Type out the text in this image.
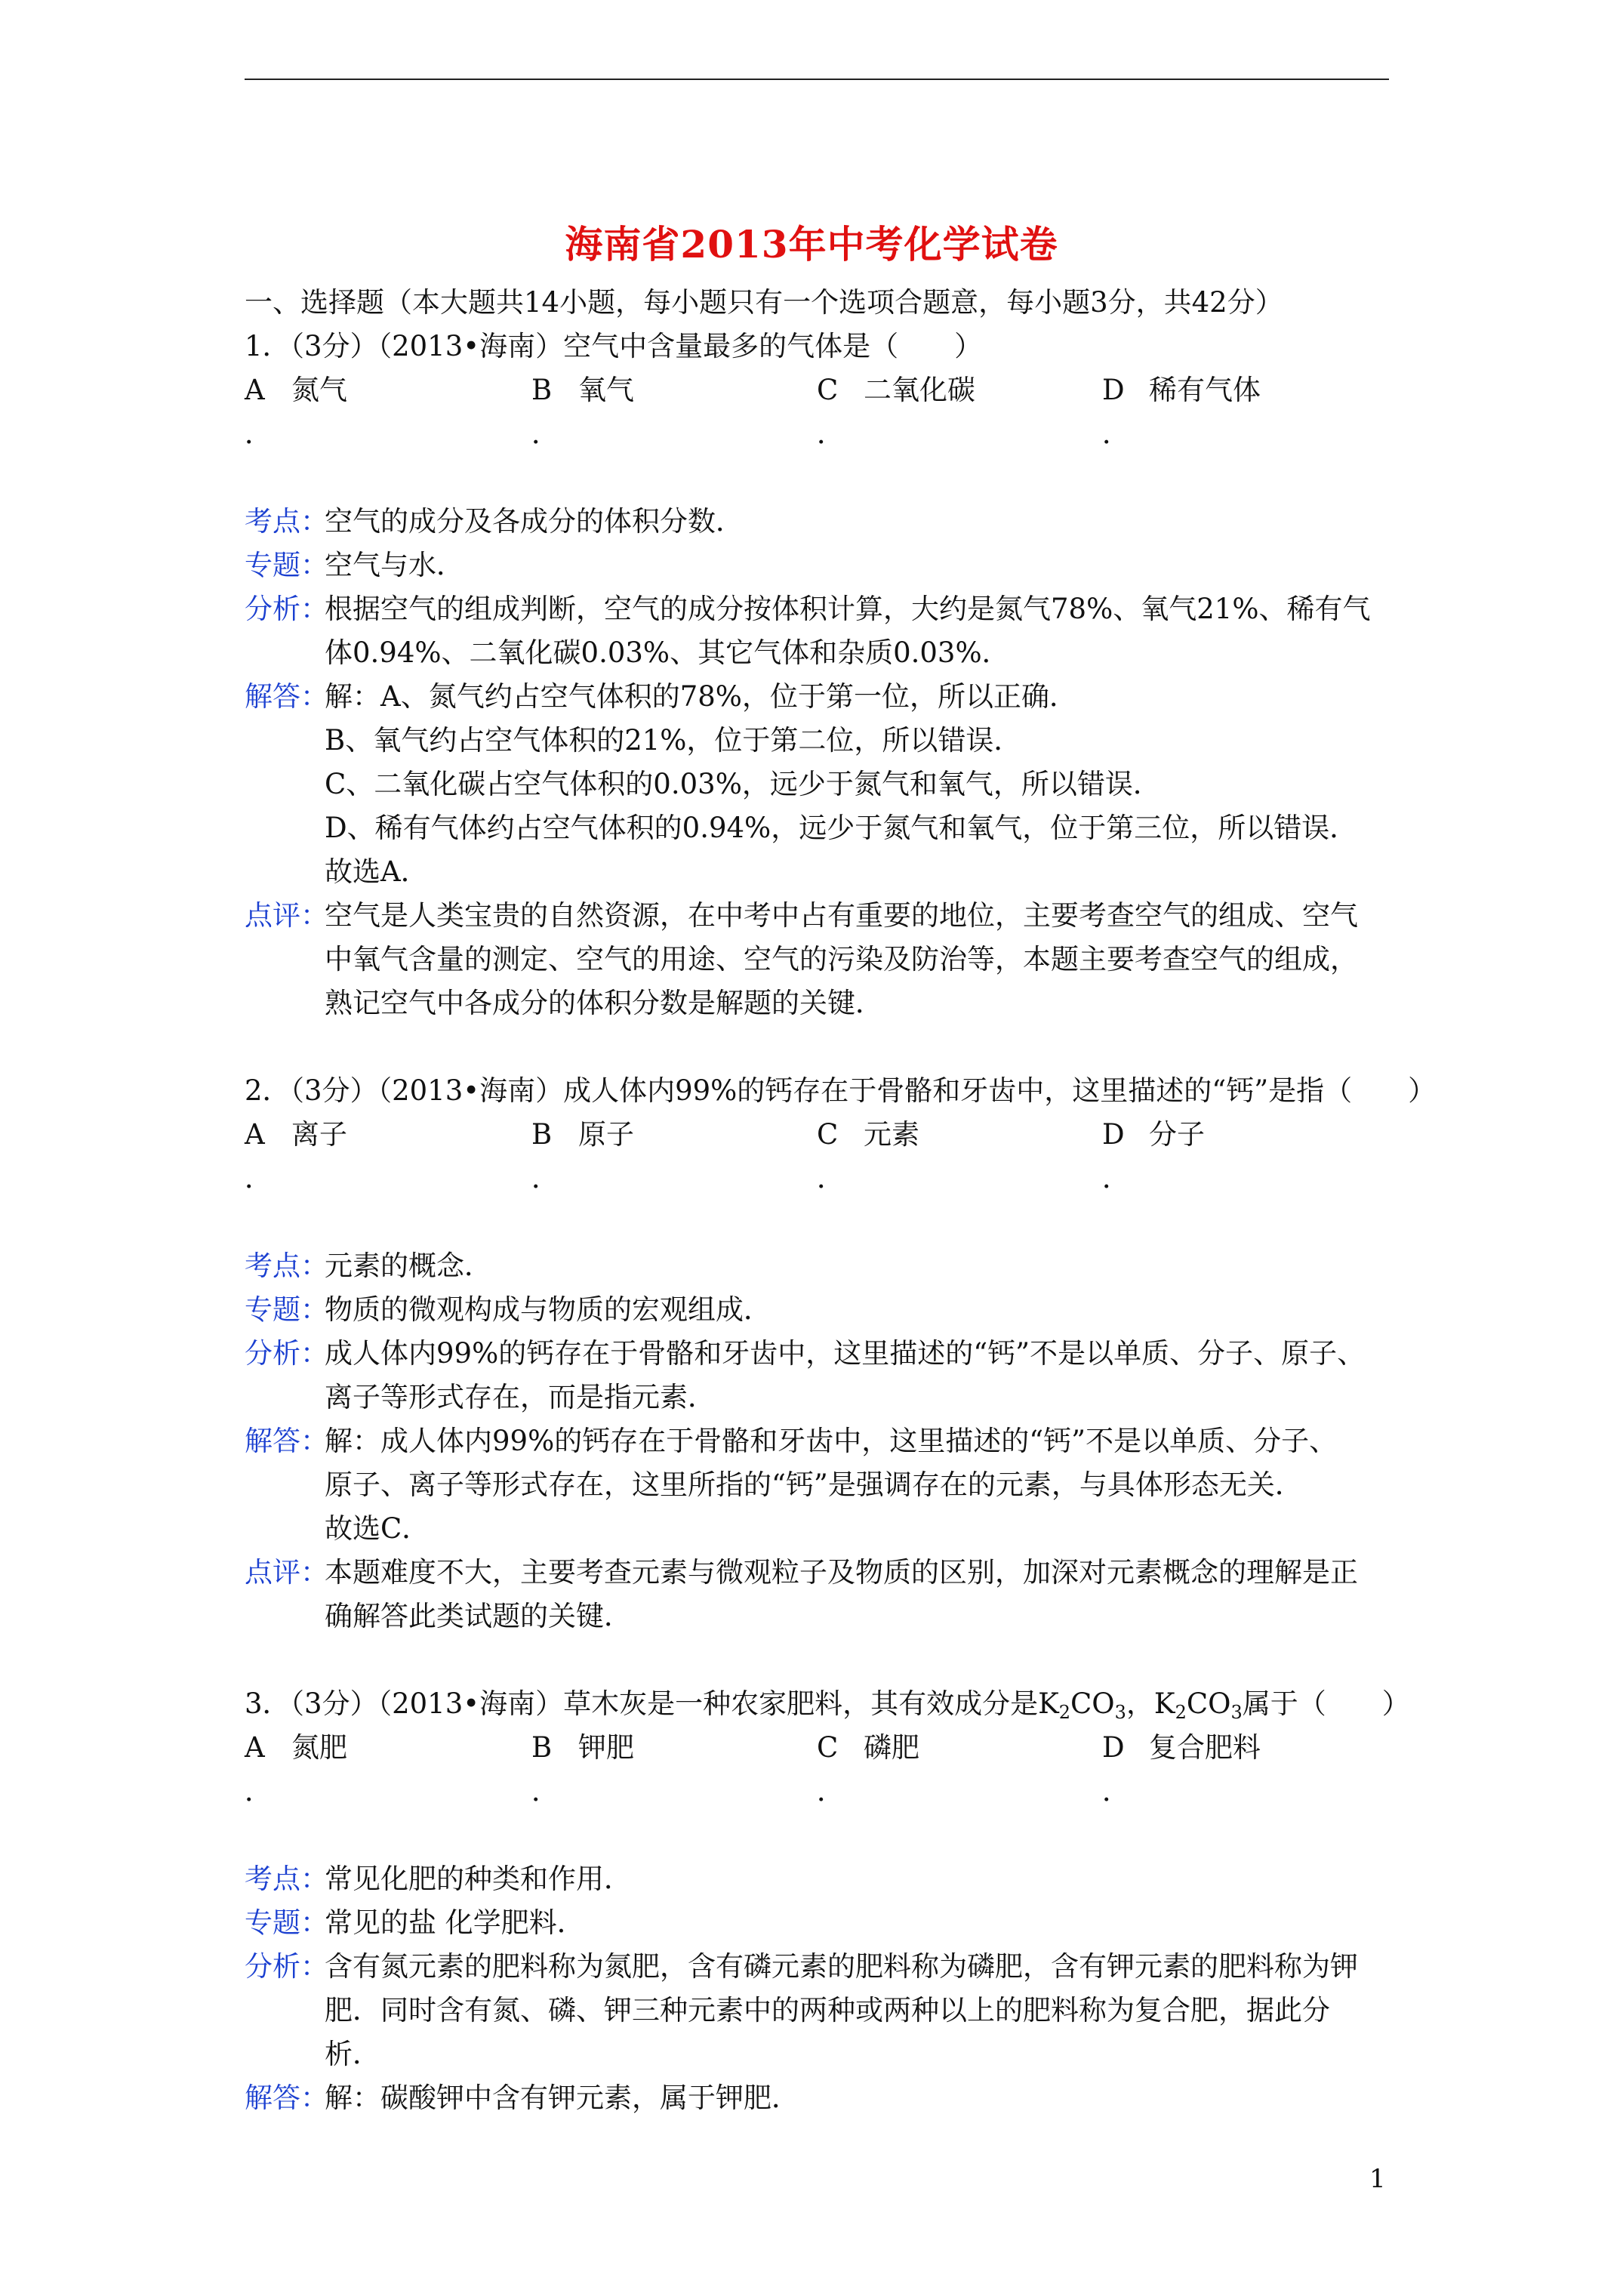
海南省2013年中考化学试卷
一、选择题（本大题共14小题，每小题只有一个选项合题意，每小题3分，共42分）
1．（3分）（2013•海南）空气中含量最多的气体是（　　）
A 氮气	B 氧气	C 二氧化碳	D 稀有气体
．	．	．	．
考点：
空气的成分及各成分的体积分数．
专题：
空气与水．
分析：
根据空气的组成判断，空气的成分按体积计算，大约是氮气78%、氧气21%、稀有气
体0.94%、二氧化碳0.03%、其它气体和杂质0.03%．
解答：
解：A、氮气约占空气体积的78%，位于第一位，所以正确．
B、氧气约占空气体积的21%，位于第二位，所以错误．
C、二氧化碳占空气体积的0.03%，远少于氮气和氧气，所以错误．
D、稀有气体约占空气体积的0.94%，远少于氮气和氧气，位于第三位，所以错误．
故选A．
点评：
空气是人类宝贵的自然资源，在中考中占有重要的地位，主要考查空气的组成、空气
中氧气含量的测定、空气的用途、空气的污染及防治等，本题主要考查空气的组成，
熟记空气中各成分的体积分数是解题的关键．
2．（3分）（2013•海南）成人体内99%的钙存在于骨骼和牙齿中，这里描述的“钙”是指（　　）
A 离子	B 原子	C 元素	D 分子
．	．	．	．
考点：
元素的概念．
专题：
物质的微观构成与物质的宏观组成．
分析：
成人体内99%的钙存在于骨骼和牙齿中，这里描述的“钙”不是以单质、分子、原子、
离子等形式存在，而是指元素．
解答：
解：成人体内99%的钙存在于骨骼和牙齿中，这里描述的“钙”不是以单质、分子、
原子、离子等形式存在，这里所指的“钙”是强调存在的元素，与具体形态无关．
故选C．
点评：
本题难度不大，主要考查元素与微观粒子及物质的区别，加深对元素概念的理解是正
确解答此类试题的关键．
3．（3分）（2013•海南）草木灰是一种农家肥料，其有效成分是$K_2CO_3$，$K_2CO_3$属于（　　）
A 氮肥	B 钾肥	C 磷肥	D 复合肥料
．	．	．	．
考点：
常见化肥的种类和作用．
专题：
常见的盐 化学肥料．
分析：
含有氮元素的肥料称为氮肥，含有磷元素的肥料称为磷肥，含有钾元素的肥料称为钾
肥．同时含有氮、磷、钾三种元素中的两种或两种以上的肥料称为复合肥，据此分
析．
解答：
解：碳酸钾中含有钾元素，属于钾肥．
1
